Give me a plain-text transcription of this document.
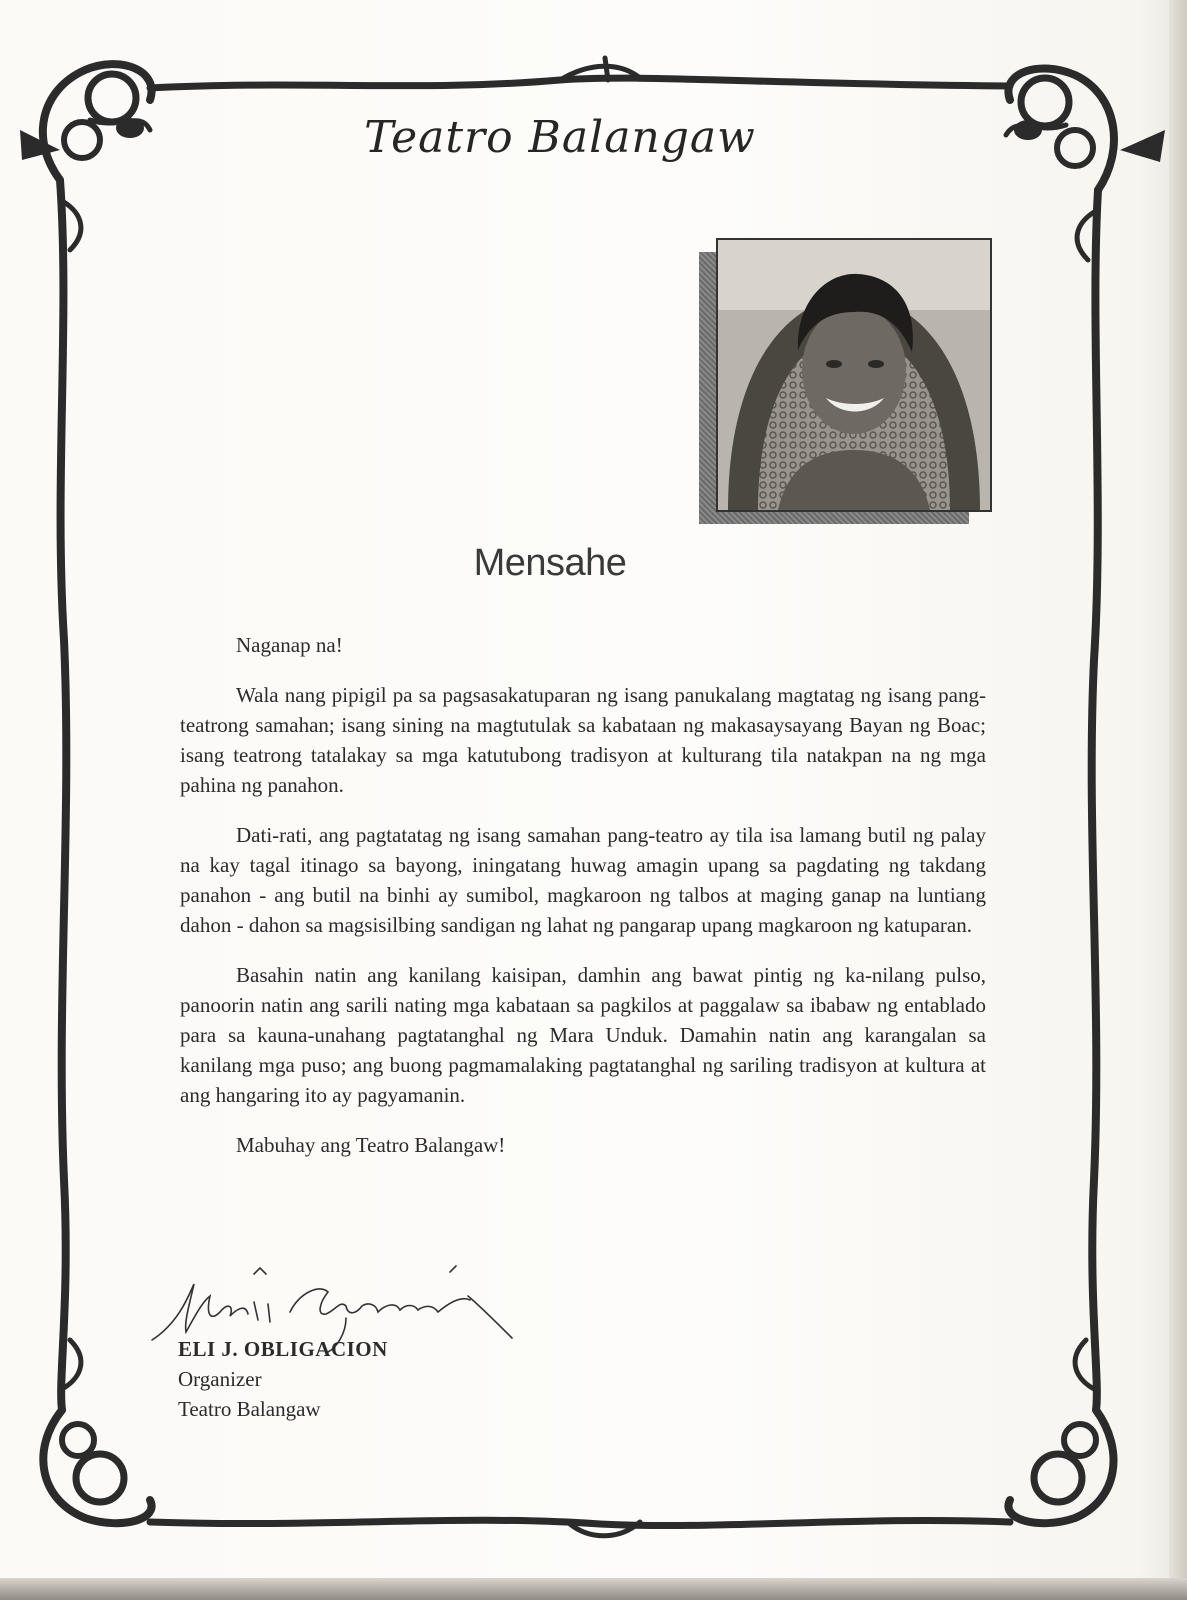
Teatro Balangaw
Mensahe

Naganap na!

Wala nang pipigil pa sa pagsasakatuparan ng isang panukalang magtatag ng isang pang-teatrong samahan; isang sining na magtutulak sa kabataan ng makasaysayang Bayan ng Boac; isang teatrong tatalakay sa mga katutubong tradisyon at kulturang tila natakpan na ng mga pahina ng panahon.

Dati-rati, ang pagtatatag ng isang samahan pang-teatro ay tila isa lamang butil ng palay na kay tagal itinago sa bayong, iningatang huwag amagin upang sa pagdating ng takdang panahon - ang butil na binhi ay sumibol, magkaroon ng talbos at maging ganap na luntiang dahon - dahon sa magsisilbing sandigan ng lahat ng pangarap upang magkaroon ng katuparan.

Basahin natin ang kanilang kaisipan, damhin ang bawat pintig ng ka-nilang pulso, panoorin natin ang sarili nating mga kabataan sa pagkilos at paggalaw sa ibabaw ng entablado para sa kauna-unahang pagtatanghal ng Mara Unduk. Damahin natin ang karangalan sa kanilang mga puso; ang buong pagmamalaking pagtatanghal ng sariling tradisyon at kultura at ang hangaring ito ay pagyamanin.

Mabuhay ang Teatro Balangaw!

ELI J. OBLIGACION
Organizer
Teatro Balangaw
